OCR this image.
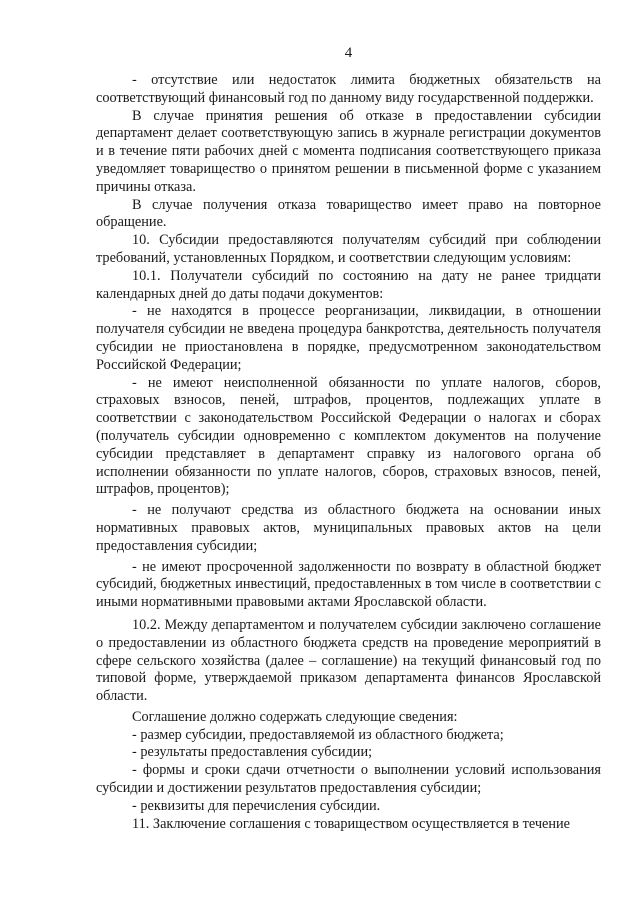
4

- отсутствие или недостаток лимита бюджетных обязательств на соответствующий финансовый год по данному виду государственной поддержки.

В случае принятия решения об отказе в предоставлении субсидии департамент делает соответствующую запись в журнале регистрации документов и в течение пяти рабочих дней с момента подписания соответствующего приказа уведомляет товарищество о принятом решении в письменной форме с указанием причины отказа.

В случае получения отказа товарищество имеет право на повторное обращение.

10. Субсидии предоставляются получателям субсидий при соблюдении требований, установленных Порядком, и соответствии следующим условиям:

10.1. Получатели субсидий по состоянию на дату не ранее тридцати календарных дней до даты подачи документов:

- не находятся в процессе реорганизации, ликвидации, в отношении получателя субсидии не введена процедура банкротства, деятельность получателя субсидии не приостановлена в порядке, предусмотренном законодательством Российской Федерации;

- не имеют неисполненной обязанности по уплате налогов, сборов, страховых взносов, пеней, штрафов, процентов, подлежащих уплате в соответствии с законодательством Российской Федерации о налогах и сборах (получатель субсидии одновременно с комплектом документов на получение субсидии представляет в департамент справку из налогового органа об исполнении обязанности по уплате налогов, сборов, страховых взносов, пеней, штрафов, процентов);

- не получают средства из областного бюджета на основании иных нормативных правовых актов, муниципальных правовых актов на цели предоставления субсидии;

- не имеют просроченной задолженности по возврату в областной бюджет субсидий, бюджетных инвестиций, предоставленных в том числе в соответствии с иными нормативными правовыми актами Ярославской области.

10.2. Между департаментом и получателем субсидии заключено соглашение о предоставлении из областного бюджета средств на проведение мероприятий в сфере сельского хозяйства (далее – соглашение) на текущий финансовый год по типовой форме, утверждаемой приказом департамента финансов Ярославской области.

Соглашение должно содержать следующие сведения:

- размер субсидии, предоставляемой из областного бюджета;

- результаты предоставления субсидии;

- формы и сроки сдачи отчетности о выполнении условий использования субсидии и достижении результатов предоставления субсидии;

- реквизиты для перечисления субсидии.

11. Заключение соглашения с товариществом осуществляется в течение
